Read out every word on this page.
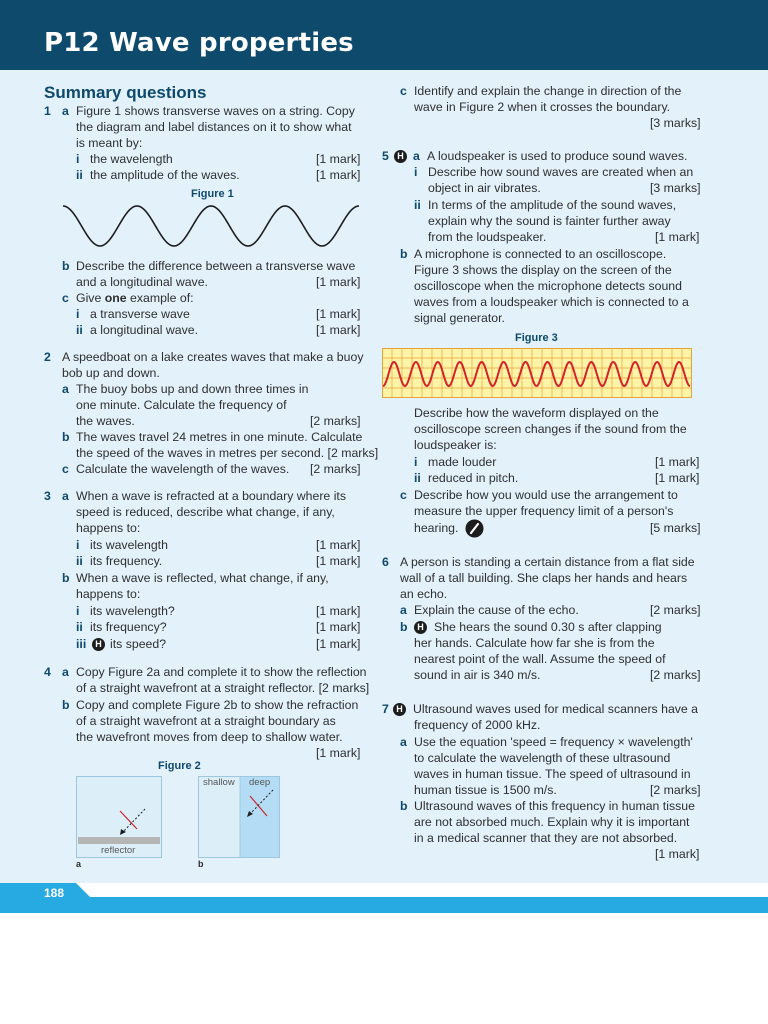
P12 Wave properties
188
Summary questions
1 a Figure 1 shows transverse waves on a string. Copy
the diagram and label distances on it to show what
is meant by:
i the wavelength	[1 mark]
ii the amplitude of the waves.	[1 mark]
Figure 1
b Describe the difference between a transverse wave
and a longitudinal wave.	[1 mark]
c Give one example of:
i a transverse wave	[1 mark]
ii a longitudinal wave.	[1 mark]
2 A speedboat on a lake creates waves that make a buoy
bob up and down.
a The buoy bobs up and down three times in
one minute. Calculate the frequency of
the waves.	[2 marks]
b The waves travel 24 metres in one minute. Calculate
the speed of the waves in metres per second. [2 marks]
c Calculate the wavelength of the waves. [2 marks]
3 a When a wave is refracted at a boundary where its
speed is reduced, describe what change, if any,
happens to:
i its wavelength	[1 mark]
ii its frequency.	[1 mark]
b When a wave is reflected, what change, if any,
happens to:
i its wavelength?	[1 mark]
ii its frequency?	[1 mark]
iii	H its speed?	[1 mark]
4 a Copy Figure 2a and complete it to show the reflection
of a straight wavefront at a straight reflector. [2 marks]
b Copy and complete Figure 2b to show the refraction
of a straight wavefront at a straight boundary as
the wavefront moves from deep to shallow water.
[1 mark]
Figure 2
reflector
a
shallow deep
b
c Identify and explain the change in direction of the
wave in Figure 2 when it crosses the boundary.
[3 marks]
5 H a A loudspeaker is used to produce sound waves.
i Describe how sound waves are created when an
object in air vibrates.	[3 marks]
ii In terms of the amplitude of the sound waves,
explain why the sound is fainter further away
from the loudspeaker.	[1 mark]
b A microphone is connected to an oscilloscope.
Figure 3 shows the display on the screen of the
oscilloscope when the microphone detects sound
waves from a loudspeaker which is connected to a
signal generator.
Figure 3
Describe how the waveform displayed on the
oscilloscope screen changes if the sound from the
loudspeaker is:
i made louder	[1 mark]
ii reduced in pitch.	[1 mark]
c Describe how you would use the arrangement to
measure the upper frequency limit of a person's
hearing.	[5 marks]
6 A person is standing a certain distance from a flat side
wall of a tall building. She claps her hands and hears
an echo.
a Explain the cause of the echo.	[2 marks]
b	H She hears the sound 0.30 s after clapping
her hands. Calculate how far she is from the
nearest point of the wall. Assume the speed of
sound in air is 340 m/s.	[2 marks]
7 H Ultrasound waves used for medical scanners have a
frequency of 2000 kHz.
a Use the equation 'speed = frequency × wavelength'
to calculate the wavelength of these ultrasound
waves in human tissue. The speed of ultrasound in
human tissue is 1500 m/s.	[2 marks]
b Ultrasound waves of this frequency in human tissue
are not absorbed much. Explain why it is important
in a medical scanner that they are not absorbed.
[1 mark]
